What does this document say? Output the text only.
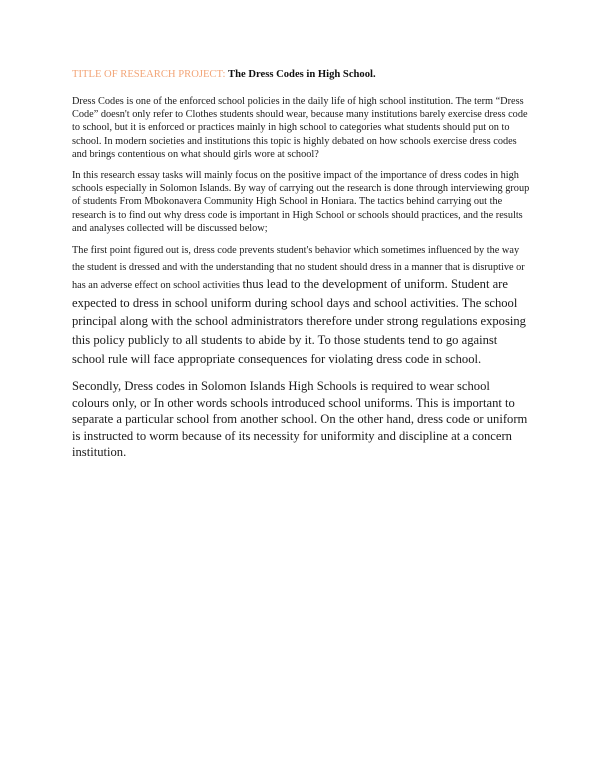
TITLE OF RESEARCH PROJECT: The Dress Codes in High School.

Dress Codes is one of the enforced school policies in the daily life of high school institution. The term “Dress Code” doesn't only refer to Clothes students should wear, because many institutions barely exercise dress code to school, but it is enforced or practices mainly in high school to categories what students should put on to school. In modern societies and institutions this topic is highly debated on how schools exercise dress codes and brings contentious on what should girls wore at school?

In this research essay tasks will mainly focus on the positive impact of the importance of dress codes in high schools especially in Solomon Islands. By way of carrying out the research is done through interviewing group of students From Mbokonavera Community High School in Honiara. The tactics behind carrying out the research is to find out why dress code is important in High School or schools should practices, and the results and analyses collected will be discussed below;

The first point figured out is, dress code prevents student's behavior which sometimes influenced by the way the student is dressed and with the understanding that no student should dress in a manner that is disruptive or has an adverse effect on school activities thus lead to the development of uniform. Student are expected to dress in school uniform during school days and school activities. The school principal along with the school administrators therefore under strong regulations exposing this policy publicly to all students to abide by it. To those students tend to go against school rule will face appropriate consequences for violating dress code in school.

Secondly, Dress codes in Solomon Islands High Schools is required to wear school colours only, or In other words schools introduced school uniforms. This is important to separate a particular school from another school. On the other hand, dress code or uniform is instructed to worm because of its necessity for uniformity and discipline at a concern institution.
